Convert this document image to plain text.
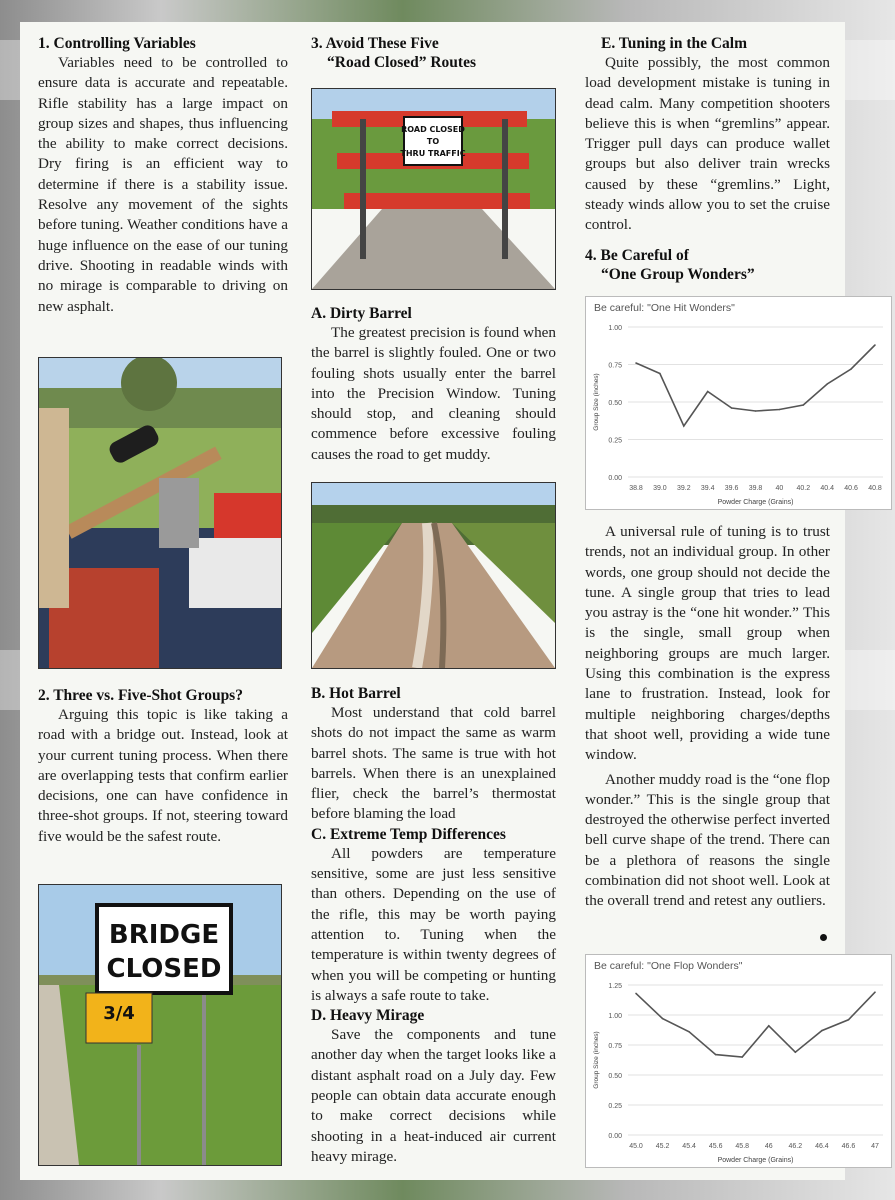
1. Controlling Variables

Variables need to be controlled to ensure data is accurate and repeatable. Rifle stability has a large impact on group sizes and shapes, thus influencing the ability to make correct decisions. Dry firing is an efficient way to determine if there is a stability issue. Resolve any movement of the sights before tuning. Weather conditions have a huge influence on the ease of our tuning drive. Shooting in readable winds with no mirage is comparable to driving on new asphalt.

2. Three vs. Five-Shot Groups?

Arguing this topic is like taking a road with a bridge out. Instead, look at your current tuning process. When there are overlapping tests that confirm earlier decisions, one can have confidence in three-shot groups. If not, steering toward five would be the safest route.

BRIDGE
CLOSED
3/4
3. Avoid These Five
“Road Closed” Routes
ROAD CLOSED
TO
THRU TRAFFIC
A. Dirty Barrel

The greatest precision is found when the barrel is slightly fouled. One or two fouling shots usually enter the barrel into the Precision Window. Tuning should stop, and cleaning should commence before excessive fouling causes the road to get muddy.

B. Hot Barrel

Most understand that cold barrel shots do not impact the same as warm barrel shots. The same is true with hot barrels. When there is an unexplained flier, check the barrel’s thermostat before blaming the load

C. Extreme Temp Differences

All powders are temperature sensitive, some are just less sensitive than others. Depending on the use of the rifle, this may be worth paying attention to. Tuning when the temperature is within twenty degrees of when you will be competing or hunting is always a safe route to take.

D. Heavy Mirage

Save the components and tune another day when the target looks like a distant asphalt road on a July day. Few people can obtain data accurate enough to make correct decisions while shooting in a heat-induced air current heavy mirage.

E. Tuning in the Calm

Quite possibly, the most common load development mistake is tuning in dead calm. Many competition shooters believe this is when “gremlins” appear. Trigger pull days can produce wallet groups but also deliver train wrecks caused by these “gremlins.” Light, steady winds allow you to set the cruise control.

4. Be Careful of
“One Group Wonders”
Be careful: "One Hit Wonders"
0.00
0.25
0.50
0.75
1.00
38.8 39.0 39.2 39.4 39.6 39.8 40 40.2 40.4 40.6 40.8
Powder Charge (Grains)
Group Size (inches)

A universal rule of tuning is to trust trends, not an individual group. In other words, one group should not decide the tune. A single group that tries to lead you astray is the “one hit wonder.” This is the single, small group when neighboring groups are much larger. Using this combination is the express lane to frustration. Instead, look for multiple neighboring charges/depths that shoot well, providing a wide tune window.

Another muddy road is the “one flop wonder.” This is the single group that destroyed the otherwise perfect inverted bell curve shape of the trend. There can be a plethora of reasons the single combination did not shoot well. Look at the overall trend and retest any outliers.

Be careful: "One Flop Wonders"
0.00
0.25
0.50
0.75
1.00
1.25
45.0 45.2 45.4 45.6 45.8 46 46.2 46.4 46.6 47
Powder Charge (Grains)
Group Size (inches)
